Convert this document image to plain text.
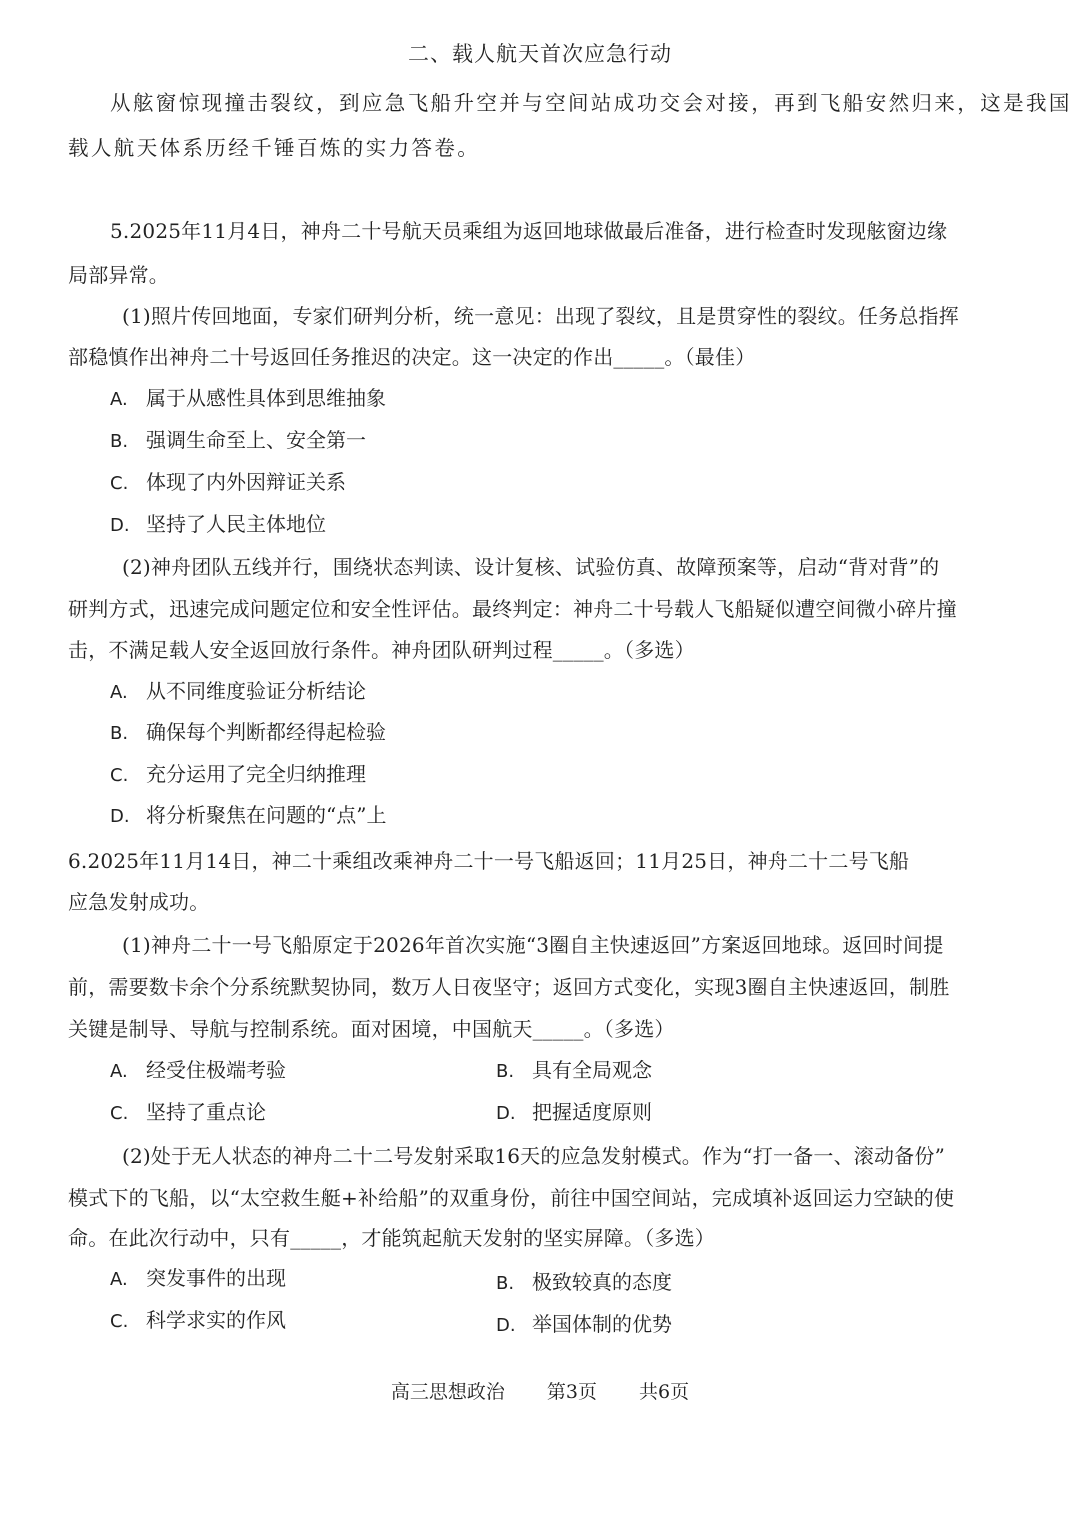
二、载人航天首次应急行动
从舷窗惊现撞击裂纹，到应急飞船升空并与空间站成功交会对接，再到飞船安然归来，这是我国
载人航天体系历经千锤百炼的实力答卷。
5.2025年11月4日，神舟二十号航天员乘组为返回地球做最后准备，进行检查时发现舷窗边缘
局部异常。
(1)照片传回地面，专家们研判分析，统一意见：出现了裂纹，且是贯穿性的裂纹。任务总指挥
部稳慎作出神舟二十号返回任务推迟的决定。这一决定的作出_____。（最佳）
A. 属于从感性具体到思维抽象
B. 强调生命至上、安全第一
C. 体现了内外因辩证关系
D. 坚持了人民主体地位
(2)神舟团队五线并行，围绕状态判读、设计复核、试验仿真、故障预案等，启动“背对背”的
研判方式，迅速完成问题定位和安全性评估。最终判定：神舟二十号载人飞船疑似遭空间微小碎片撞
击，不满足载人安全返回放行条件。神舟团队研判过程_____。（多选）
A. 从不同维度验证分析结论
B. 确保每个判断都经得起检验
C. 充分运用了完全归纳推理
D. 将分析聚焦在问题的“点”上
6.2025年11月14日，神二十乘组改乘神舟二十一号飞船返回；11月25日，神舟二十二号飞船
应急发射成功。
(1)神舟二十一号飞船原定于2026年首次实施“3圈自主快速返回”方案返回地球。返回时间提
前，需要数卡余个分系统默契协同，数万人日夜坚守；返回方式变化，实现3圈自主快速返回，制胜
关键是制导、导航与控制系统。面对困境，中国航天_____。（多选）
A. 经受住极端考验	B. 具有全局观念
C. 坚持了重点论	D. 把握适度原则
(2)处于无人状态的神舟二十二号发射采取16天的应急发射模式。作为“打一备一、滚动备份”
模式下的飞船，以“太空救生艇+补给船”的双重身份，前往中国空间站，完成填补返回运力空缺的使
命。在此次行动中，只有_____，才能筑起航天发射的坚实屏障。（多选）
A. 突发事件的出现	B. 极致较真的态度
C. 科学求实的作风	D. 举国体制的优势
高三思想政治 第3页 共6页
